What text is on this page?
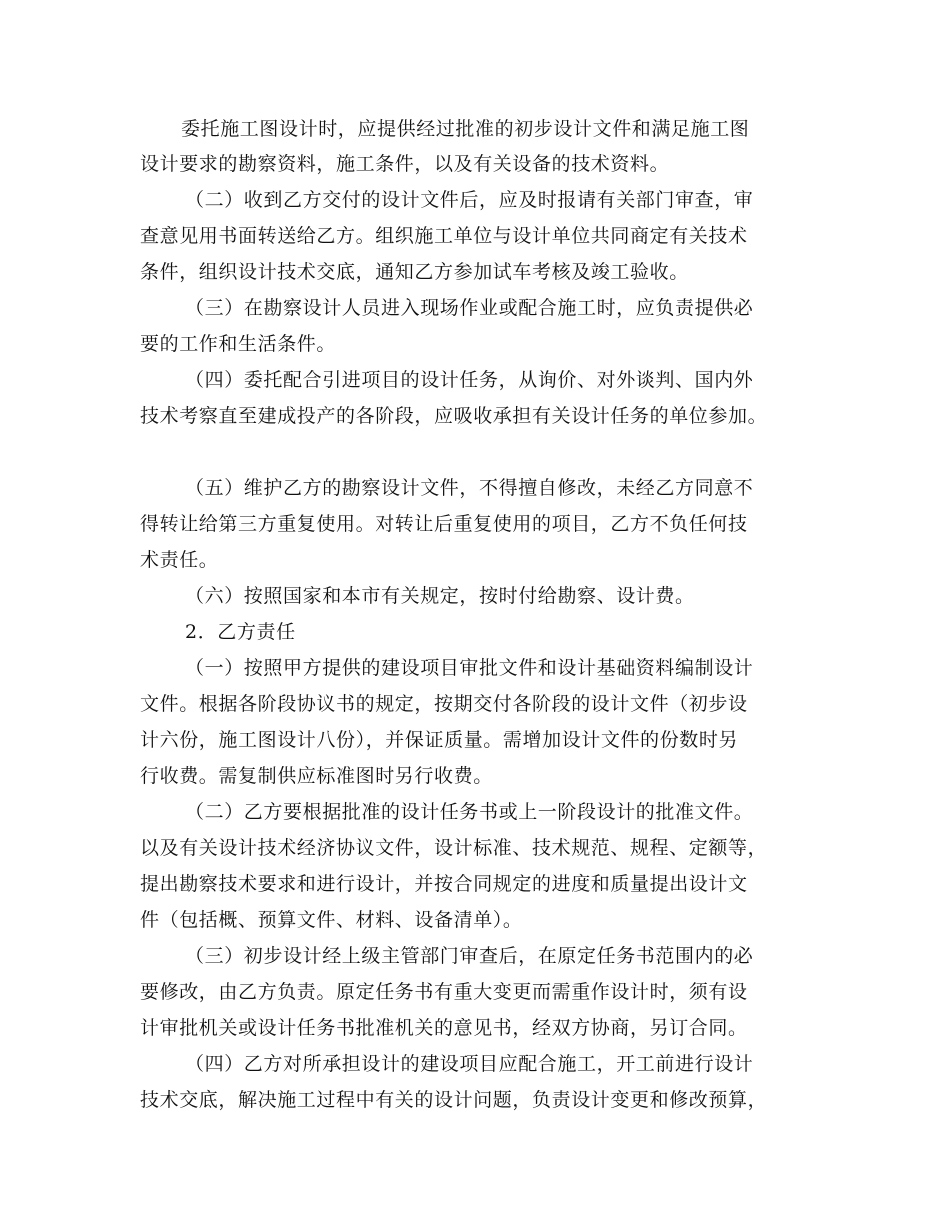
委托施工图设计时，应提供经过批准的初步设计文件和满足施工图
设计要求的勘察资料，施工条件，以及有关设备的技术资料。
（二）收到乙方交付的设计文件后，应及时报请有关部门审查，审
查意见用书面转送给乙方。组织施工单位与设计单位共同商定有关技术
条件，组织设计技术交底，通知乙方参加试车考核及竣工验收。
（三）在勘察设计人员进入现场作业或配合施工时，应负责提供必
要的工作和生活条件。
（四）委托配合引进项目的设计任务，从询价、对外谈判、国内外
技术考察直至建成投产的各阶段，应吸收承担有关设计任务的单位参加。
（五）维护乙方的勘察设计文件，不得擅自修改，未经乙方同意不
得转让给第三方重复使用。对转让后重复使用的项目，乙方不负任何技
术责任。
（六）按照国家和本市有关规定，按时付给勘察、设计费。
2．乙方责任
（一）按照甲方提供的建设项目审批文件和设计基础资料编制设计
文件。根据各阶段协议书的规定，按期交付各阶段的设计文件（初步设
计六份，施工图设计八份），并保证质量。需增加设计文件的份数时另
行收费。需复制供应标准图时另行收费。
（二）乙方要根据批准的设计任务书或上一阶段设计的批准文件。
以及有关设计技术经济协议文件，设计标准、技术规范、规程、定额等，
提出勘察技术要求和进行设计，并按合同规定的进度和质量提出设计文
件（包括概、预算文件、材料、设备清单）。
（三）初步设计经上级主管部门审查后，在原定任务书范围内的必
要修改，由乙方负责。原定任务书有重大变更而需重作设计时，须有设
计审批机关或设计任务书批准机关的意见书，经双方协商，另订合同。
（四）乙方对所承担设计的建设项目应配合施工，开工前进行设计
技术交底，解决施工过程中有关的设计问题，负责设计变更和修改预算，
